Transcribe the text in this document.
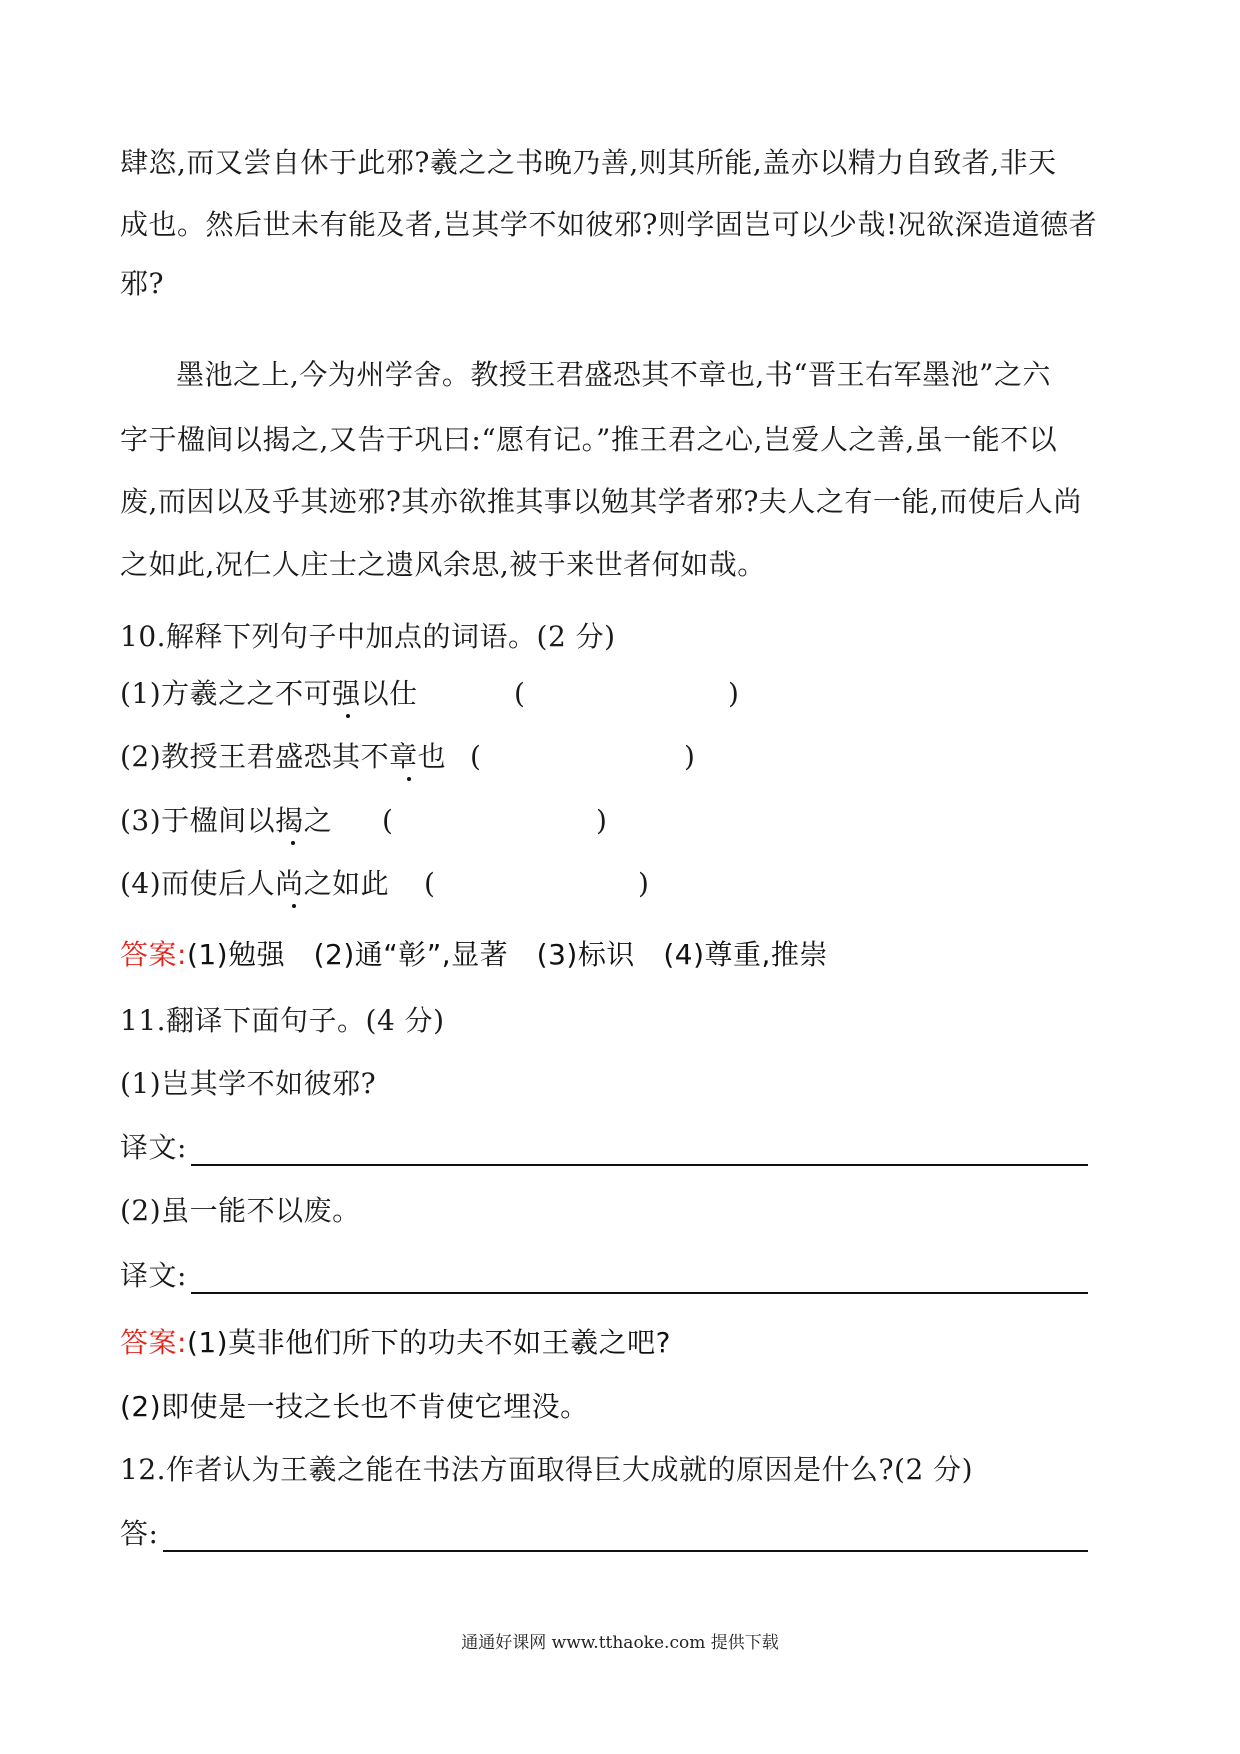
肆恣,而又尝自休于此邪?羲之之书晚乃善,则其所能,盖亦以精力自致者,非天
成也。然后世未有能及者,岂其学不如彼邪?则学固岂可以少哉!况欲深造道德者
邪?
墨池之上,今为州学舍。教授王君盛恐其不章也,书“晋王右军墨池”之六
字于楹间以揭之,又告于巩曰:“愿有记。”推王君之心,岂爱人之善,虽一能不以
废,而因以及乎其迹邪?其亦欲推其事以勉其学者邪?夫人之有一能,而使后人尚
之如此,况仁人庄士之遗风余思,被于来世者何如哉。
10.解释下列句子中加点的词语。(2 分)
(1)方羲之之不可强以仕	(	)
(2)教授王君盛恐其不章也 (	)
(3)于楹间以揭之 (	)
(4)而使后人尚之如此 (	)
答案:(1)勉强　(2)通“彰”,显著　(3)标识　(4)尊重,推崇
11.翻译下面句子。(4 分)
(1)岂其学不如彼邪?
译文:
(2)虽一能不以废。
译文:
答案:(1)莫非他们所下的功夫不如王羲之吧?
(2)即使是一技之长也不肯使它埋没。
12.作者认为王羲之能在书法方面取得巨大成就的原因是什么?(2 分)
答:
通通好课网 www.tthaoke.com 提供下载
